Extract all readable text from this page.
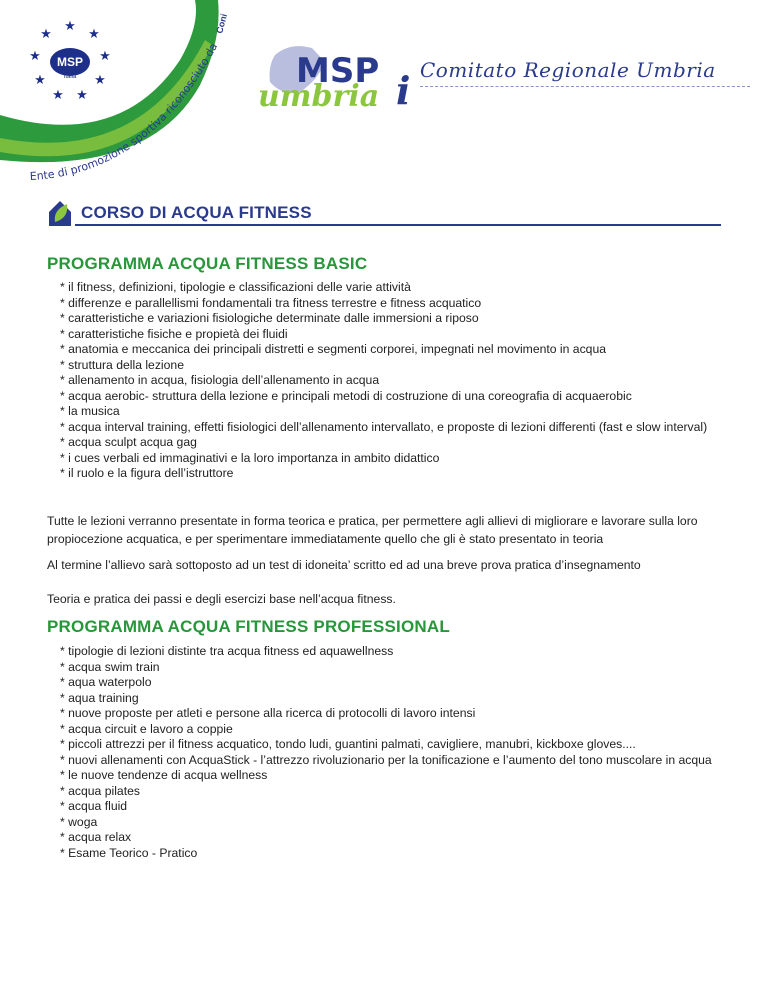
★
★
★
★
★
★
★
★
★
MSP
Italia
Ente di promozione sportiva riconosciuto da
Coni
MSP
umbria i Comitato Regionale Umbria
CORSO DI ACQUA FITNESS
PROGRAMMA ACQUA FITNESS BASIC
* il fitness, definizioni, tipologie e classificazioni delle varie attività
* differenze e parallellismi fondamentali tra fitness terrestre e fitness acquatico
* caratteristiche e variazioni fisiologiche determinate dalle immersioni a riposo
* caratteristiche fisiche e propietà dei fluidi
* anatomia e meccanica dei principali distretti e segmenti corporei, impegnati nel movimento in acqua
* struttura della lezione
* allenamento in acqua, fisiologia dell’allenamento in acqua
* acqua aerobic- struttura della lezione e principali metodi di costruzione di una coreografia di acquaerobic
* la musica
* acqua interval training, effetti fisiologici dell’allenamento intervallato, e proposte di lezioni differenti (fast e slow interval)
* acqua sculpt acqua gag
* i cues verbali ed immaginativi e la loro importanza in ambito didattico
* il ruolo e la figura dell’istruttore

Tutte le lezioni verranno presentate in forma teorica e pratica, per permettere agli allievi di migliorare e lavorare sulla loro propiocezione acquatica, e per sperimentare immediatamente quello che gli è stato presentato in teoria

Al termine l’allievo sarà sottoposto ad un test di idoneita’ scritto ed ad una breve prova pratica d’insegnamento

Teoria e pratica dei passi e degli esercizi base nell’acqua fitness.

PROGRAMMA ACQUA FITNESS PROFESSIONAL
* tipologie di lezioni distinte tra acqua fitness ed aquawellness
* acqua swim train
* aqua waterpolo
* aqua training
* nuove proposte per atleti e persone alla ricerca di protocolli di lavoro intensi
* acqua circuit e lavoro a coppie
* piccoli attrezzi per il fitness acquatico, tondo ludi, guantini palmati, cavigliere, manubri, kickboxe gloves....
* nuovi allenamenti con AcquaStick - l’attrezzo rivoluzionario per la tonificazione e l’aumento del tono muscolare in acqua
* le nuove tendenze di acqua wellness
* acqua pilates
* acqua fluid
* woga
* acqua relax
* Esame Teorico - Pratico
